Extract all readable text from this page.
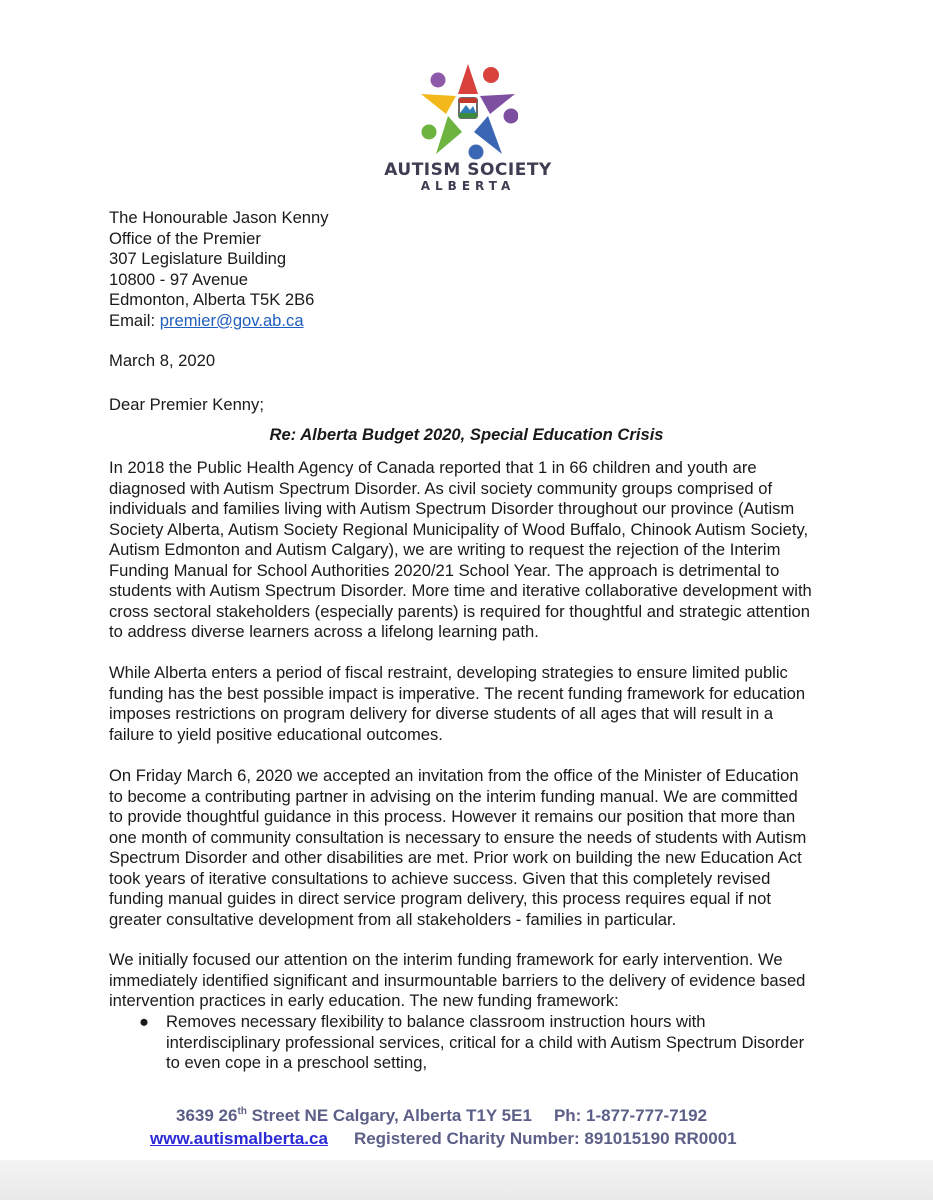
AUTISM SOCIETY
ALBERTA
The Honourable Jason Kenny
Office of the Premier
307 Legislature Building
10800 - 97 Avenue
Edmonton, Alberta T5K 2B6
Email: premier@gov.ab.ca
March 8, 2020
Dear Premier Kenny;
Re: Alberta Budget 2020, Special Education Crisis
In 2018 the Public Health Agency of Canada reported that 1 in 66 children and youth are
diagnosed with Autism Spectrum Disorder. As civil society community groups comprised of
individuals and families living with Autism Spectrum Disorder throughout our province (Autism
Society Alberta, Autism Society Regional Municipality of Wood Buffalo, Chinook Autism Society,
Autism Edmonton and Autism Calgary), we are writing to request the rejection of the Interim
Funding Manual for School Authorities 2020/21 School Year. The approach is detrimental to
students with Autism Spectrum Disorder. More time and iterative collaborative development with
cross sectoral stakeholders (especially parents) is required for thoughtful and strategic attention
to address diverse learners across a lifelong learning path.
While Alberta enters a period of fiscal restraint, developing strategies to ensure limited public
funding has the best possible impact is imperative. The recent funding framework for education
imposes restrictions on program delivery for diverse students of all ages that will result in a
failure to yield positive educational outcomes.
On Friday March 6, 2020 we accepted an invitation from the office of the Minister of Education
to become a contributing partner in advising on the interim funding manual. We are committed
to provide thoughtful guidance in this process. However it remains our position that more than
one month of community consultation is necessary to ensure the needs of students with Autism
Spectrum Disorder and other disabilities are met. Prior work on building the new Education Act
took years of iterative consultations to achieve success. Given that this completely revised
funding manual guides in direct service program delivery, this process requires equal if not
greater consultative development from all stakeholders - families in particular.
We initially focused our attention on the interim funding framework for early intervention. We
immediately identified significant and insurmountable barriers to the delivery of evidence based
intervention practices in early education. The new funding framework:
● Removes necessary flexibility to balance classroom instruction hours with
interdisciplinary professional services, critical for a child with Autism Spectrum Disorder
to even cope in a preschool setting,
3639 26th Street NE Calgary, Alberta T1Y 5E1 Ph: 1-877-777-7192
www.autismalberta.ca Registered Charity Number: 891015190 RR0001
